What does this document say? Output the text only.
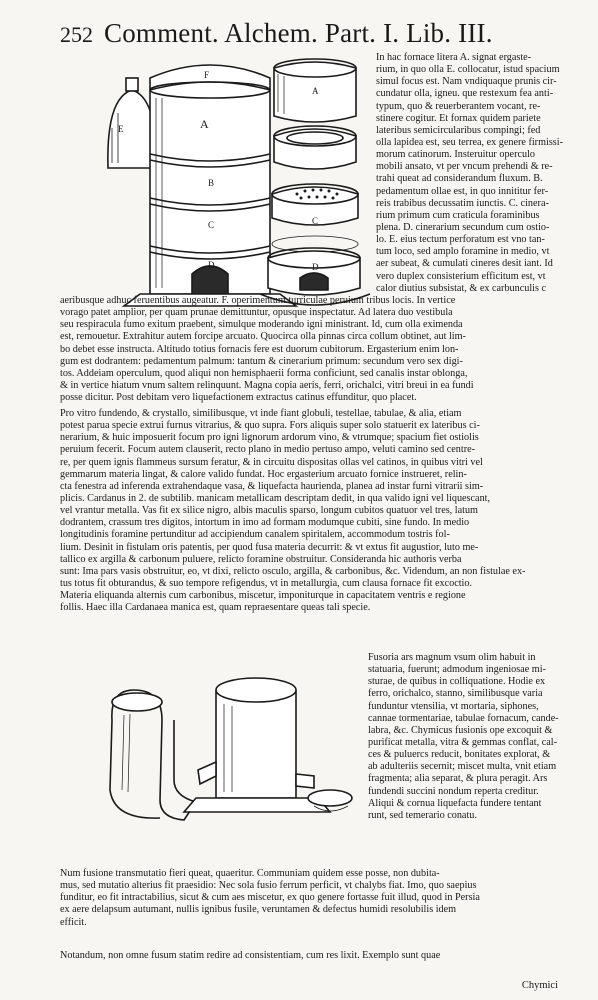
252 Comment. Alchem. Part. I. Lib. III.
F
E	A
B
C
D
A
C
D
In hac fornace litera A. signat ergaste-
rium, in quo olla E. collocatur, istud spacium
simul focus est. Nam vndiquaque prunis cir-
cundatur olla, igneu. que restexum fea anti-
typum, quo & reuerberantem vocant, re-
stinere cogitur. Et fornax quidem pariete
lateribus semicircularibus compingi; fed
olla lapidea est, seu terrea, ex genere firmissi-
morum catinorum. Insteruitur operculo
mobili ansato, vt per vncum prehendi & re-
trahi queat ad considerandum fluxum. B.
pedamentum ollae est, in quo innititur fer-
reis trabibus decussatim iunctis. C. cinera-
rium primum cum craticula foraminibus
plena. D. cinerarium secundum cum ostio-
lo. E. eius tectum perforatum est vno tan-
tum loco, sed amplo foramine in medio, vt
aer subeat, & cumulati cineres desit iant. Id
vero duplex consisterium efficitum est, vt
calor diutius subsistat, & ex carbunculis c
aeribusque adhuc feruentibus augeatur. F. operimentum turriculae peruium tribus locis. In vertice
vorago patet amplior, per quam prunae demittuntur, opusque inspectatur. Ad latera duo vestibula
seu respiracula fumo exitum praebent, simulque moderando igni ministrant. Id, cum olla eximenda
est, remouetur. Extrahitur autem forcipe arcuato. Quocirca olla pinnas circa collum obtinet, aut lim-
bo debet esse instructa. Altitudo totius fornacis fere est duorum cubitorum. Ergasterium enim lon-
gum est dodrantem: pedamentum palmum: tantum & cinerarium primum: secundum vero sex digi-
tos. Addeiam operculum, quod aliqui non hemisphaerii forma conficiunt, sed canalis instar oblonga,
& in vertice hiatum vnum saltem relinquunt. Magna copia aeris, ferri, orichalci, vitri breui in ea fundi
posse dicitur. Post debitam vero liquefactionem extractus catinus effunditur, quo placet.
Pro vitro fundendo, & crystallo, similibusque, vt inde fiant globuli, testellae, tabulae, & alia, etiam
potest parua specie extrui furnus vitrarius, & quo supra. Fors aliquis super solo statuerit ex lateribus ci-
nerarium, & huic imposuerit focum pro igni lignorum ardorum vino, & vtrumque; spacium fiet ostiolis
peruium fecerit. Focum autem clauserit, recto plano in medio pertuso ampo, veluti camino sed centre-
re, per quem ignis flammeus sursum feratur, & in circuitu dispositas ollas vel catinos, in quibus vitri vel
gemmarum materia lingat, & calore valido fundat. Hoc ergasterium arcuato fornice instrueret, relin-
cta fenestra ad inferenda extrahendaque vasa, & liquefacta haurienda, planea ad instar furni vitrarii sim-
plicis. Cardanus in 2. de subtilib. manicam metallicam descriptam dedit, in qua valido igni vel liquescant,
vel vrantur metalla. Vas fit ex silice nigro, albis maculis sparso, longum cubitos quatuor vel tres, latum
dodrantem, crassum tres digitos, intortum in imo ad formam modumque cubiti, sine fundo. In medio
longitudinis foramine pertunditur ad accipiendum canalem spiritalem, accommodum tostris fol-
lium. Desinit in fistulam oris patentis, per quod fusa materia decurrit: & vt extus fit augustior, luto me-
tallico ex argilla & carbonum puluere, relicto foramine obstruitur. Consideranda hic authoris verba
sunt: Ima pars vasis obstruitur, eo, vt dixi, relicto osculo, argilla, & carbonibus, &c. Videndum, an non fistulae ex-
tus totus fit obturandus, & suo tempore refigendus, vt in metallurgia, cum clausa fornace fit excoctio.
Materia eliquanda alternis cum carbonibus, miscetur, imponiturque in capacitatem ventris e regione
follis. Haec illa Cardanaea manica est, quam repraesentare queas tali specie.
Fusoria ars magnum vsum olim habuit in
statuaria, fuerunt; admodum ingeniosae mi-
sturae, de quibus in colliquatione. Hodie ex
ferro, orichalco, stanno, similibusque varia
funduntur vtensilia, vt mortaria, siphones,
cannae tormentariae, tabulae fornacum, cande-
labra, &c. Chymicus fusionis ope excoquit &
purificat metalla, vitra & gemmas conflat, cal-
ces & puluercs reducit, bonitates explorat, &
ab adulteriis secernit; miscet multa, vnit etiam
fragmenta; alia separat, & plura peragit. Ars
fundendi succini nondum reperta creditur.
Aliqui & cornua liquefacta fundere tentant
runt, sed temerario conatu.
Num fusione transmutatio fieri queat, quaeritur. Communiam quidem esse posse, non dubita-
mus, sed mutatio alterius fit praesidio: Nec sola fusio ferrum perficit, vt chalybs fiat. Imo, quo saepius
funditur, eo fit intractabilius, sicut & cum aes miscetur, ex quo genere fortasse fuit illud, quod in Persia
ex aere delapsum autumant, nullis ignibus fusile, veruntamen & defectus humidi resolubilis idem
efficit.
Notandum, non omne fusum statim redire ad consistentiam, cum res lixit. Exemplo sunt quae
Chymici
